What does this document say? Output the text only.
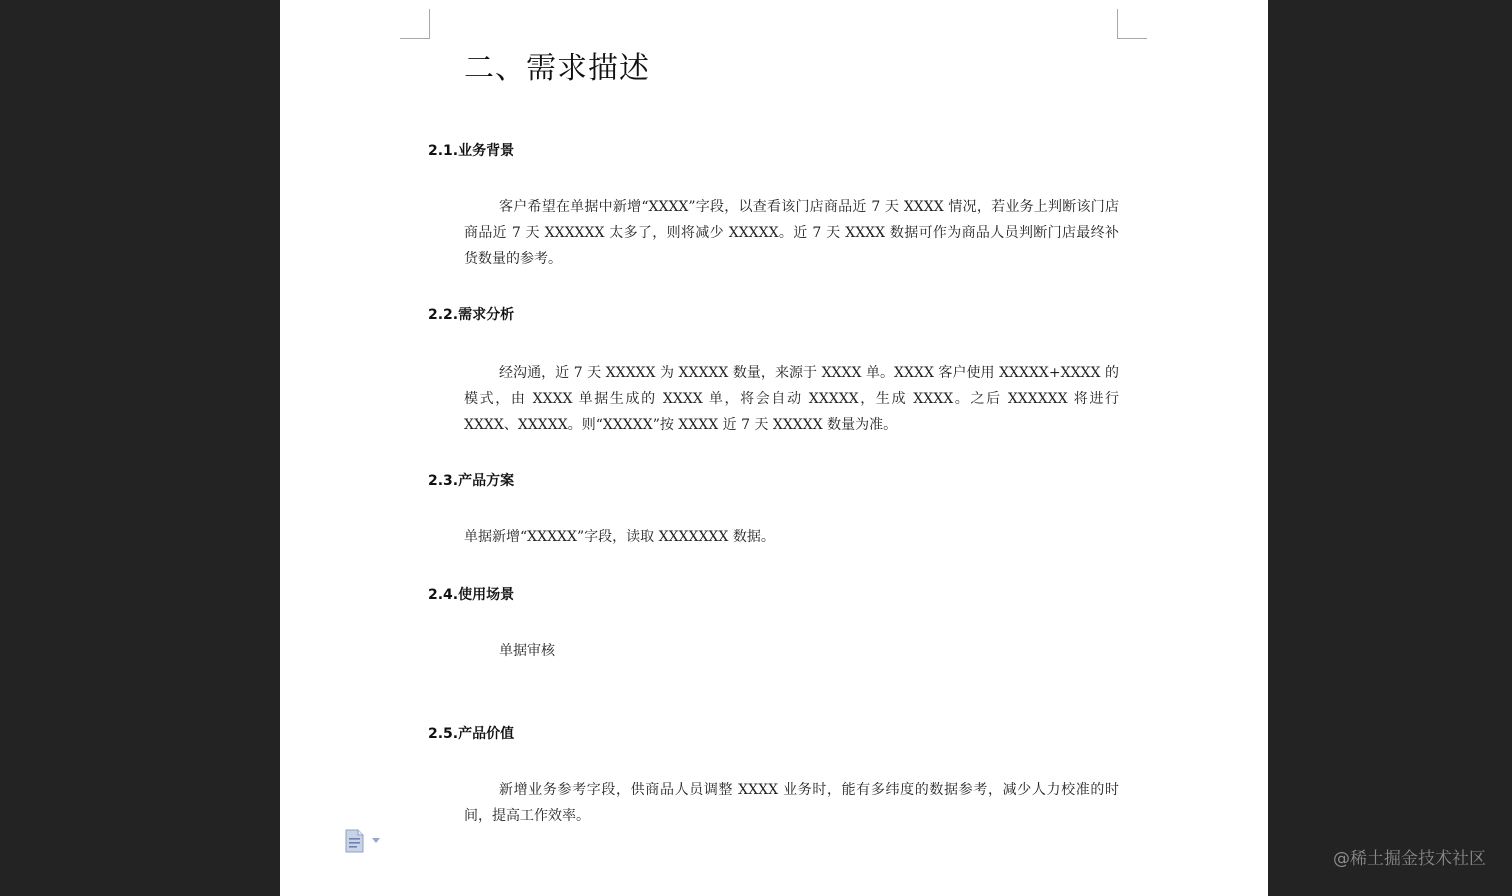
二、需求描述
2.1.业务背景

客户希望在单据中新增“XXXX”字段，以查看该门店商品近 7 天 XXXX 情况，若业务上判断该门店商品近 7 天 XXXXXX 太多了，则将减少 XXXXX。近 7 天 XXXX 数据可作为商品人员判断门店最终补货数量的参考。

2.2.需求分析

经沟通，近 7 天 XXXXX 为 XXXXX 数量，来源于 XXXX 单。XXXX 客户使用 XXXXX+XXXX 的模式，由 XXXX 单据生成的 XXXX 单，将会自动 XXXXX，生成 XXXX。之后 XXXXXX 将进行 XXXX、XXXXX。则“XXXXX”按 XXXX 近 7 天 XXXXX 数量为准。

2.3.产品方案

单据新增“XXXXX”字段，读取 XXXXXXX 数据。

2.4.使用场景

单据审核

2.5.产品价值

新增业务参考字段，供商品人员调整 XXXX 业务时，能有多纬度的数据参考，减少人力校准的时间，提高工作效率。

@稀土掘金技术社区
